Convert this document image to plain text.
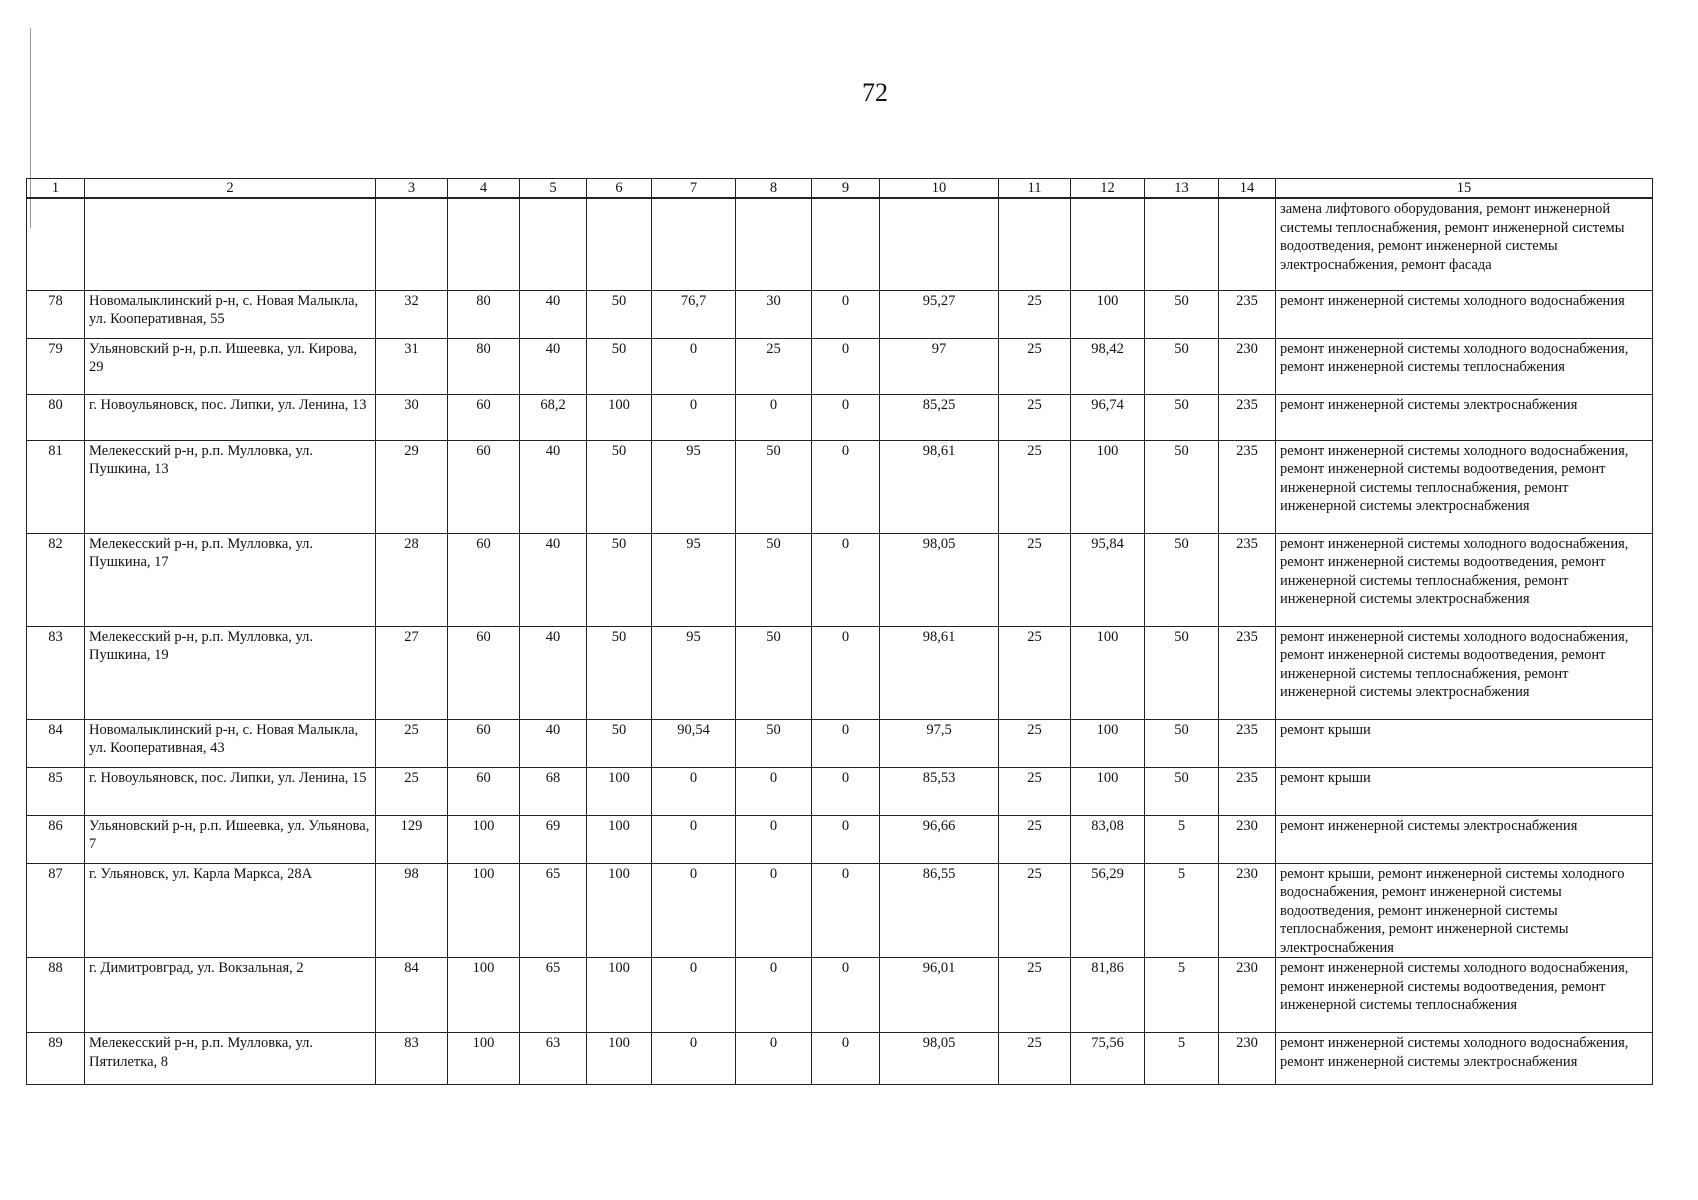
72
1	2	3	4	5	6	7	8	9	10	11	12	13	14	15
														замена лифтового оборудования, ремонт инженерной системы теплоснабжения, ремонт инженерной системы водоотведения, ремонт инженерной системы электроснабжения, ремонт фасада
78	Новомалыклинский р-н, с. Новая Малыкла, ул. Кооперативная, 55	32	80	40	50	76,7	30	0	95,27	25	100	50	235	ремонт инженерной системы холодного водоснабжения
79	Ульяновский р-н, р.п. Ишеевка, ул. Кирова, 29	31	80	40	50	0	25	0	97	25	98,42	50	230	ремонт инженерной системы холодного водоснабжения, ремонт инженерной системы теплоснабжения
80	г. Новоульяновск, пос. Липки, ул. Ленина, 13	30	60	68,2	100	0	0	0	85,25	25	96,74	50	235	ремонт инженерной системы электроснабжения
81	Мелекесский р-н, р.п. Мулловка, ул. Пушкина, 13	29	60	40	50	95	50	0	98,61	25	100	50	235	ремонт инженерной системы холодного водоснабжения, ремонт инженерной системы водоотведения, ремонт инженерной системы теплоснабжения, ремонт инженерной системы электроснабжения
82	Мелекесский р-н, р.п. Мулловка, ул. Пушкина, 17	28	60	40	50	95	50	0	98,05	25	95,84	50	235	ремонт инженерной системы холодного водоснабжения, ремонт инженерной системы водоотведения, ремонт инженерной системы теплоснабжения, ремонт инженерной системы электроснабжения
83	Мелекесский р-н, р.п. Мулловка, ул. Пушкина, 19	27	60	40	50	95	50	0	98,61	25	100	50	235	ремонт инженерной системы холодного водоснабжения, ремонт инженерной системы водоотведения, ремонт инженерной системы теплоснабжения, ремонт инженерной системы электроснабжения
84	Новомалыклинский р-н, с. Новая Малыкла, ул. Кооперативная, 43	25	60	40	50	90,54	50	0	97,5	25	100	50	235	ремонт крыши
85	г. Новоульяновск, пос. Липки, ул. Ленина, 15	25	60	68	100	0	0	0	85,53	25	100	50	235	ремонт крыши
86	Ульяновский р-н, р.п. Ишеевка, ул. Ульянова, 7	129	100	69	100	0	0	0	96,66	25	83,08	5	230	ремонт инженерной системы электроснабжения
87	г. Ульяновск, ул. Карла Маркса, 28А	98	100	65	100	0	0	0	86,55	25	56,29	5	230	ремонт крыши, ремонт инженерной системы холодного водоснабжения, ремонт инженерной системы водоотведения, ремонт инженерной системы теплоснабжения, ремонт инженерной системы электроснабжения
88	г. Димитровград, ул. Вокзальная, 2	84	100	65	100	0	0	0	96,01	25	81,86	5	230	ремонт инженерной системы холодного водоснабжения, ремонт инженерной системы водоотведения, ремонт инженерной системы теплоснабжения
89	Мелекесский р-н, р.п. Мулловка, ул. Пятилетка, 8	83	100	63	100	0	0	0	98,05	25	75,56	5	230	ремонт инженерной системы холодного водоснабжения, ремонт инженерной системы электроснабжения
